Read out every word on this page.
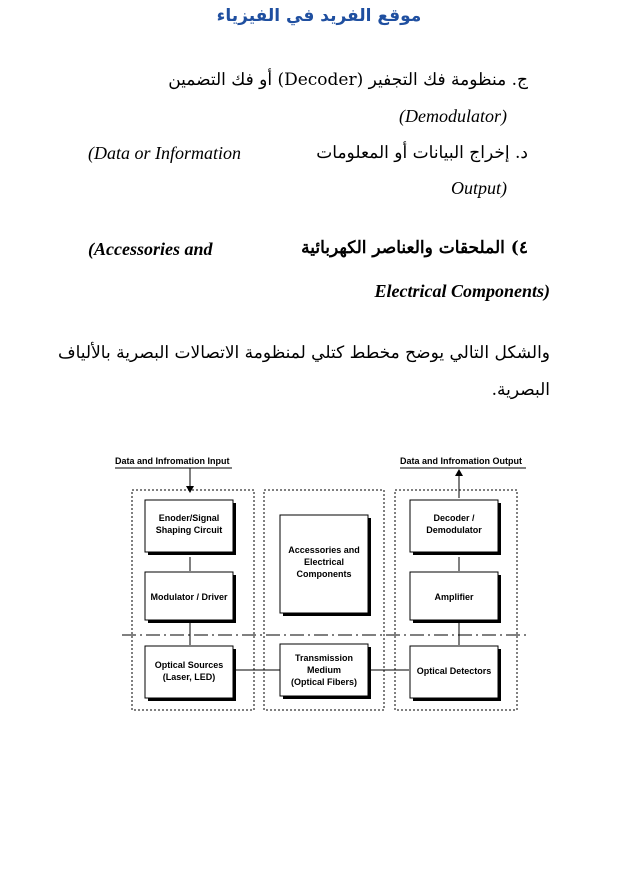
موقع الفريد في الفيزياء
ج. منظومة فك التجفير (Decoder) أو فك التضمين
(Demodulator)
د. إخراج البيانات أو المعلومات
(Data or Information
Output)
٤) الملحقات والعناصر الكهربائية
(Accessories and
Electrical Components)
والشكل التالي يوضح مخطط كتلي لمنظومة الاتصالات البصرية بالألياف
البصرية.
Data and Infromation Input	Data and Infromation Output
Enoder/Signal
Shaping Circuit
Modulator / Driver
Optical Sources
(Laser, LED)
Accessories and
Electrical
Components
Transmission
Medium
(Optical Fibers)
Decoder /
Demodulator
Amplifier
Optical Detectors
